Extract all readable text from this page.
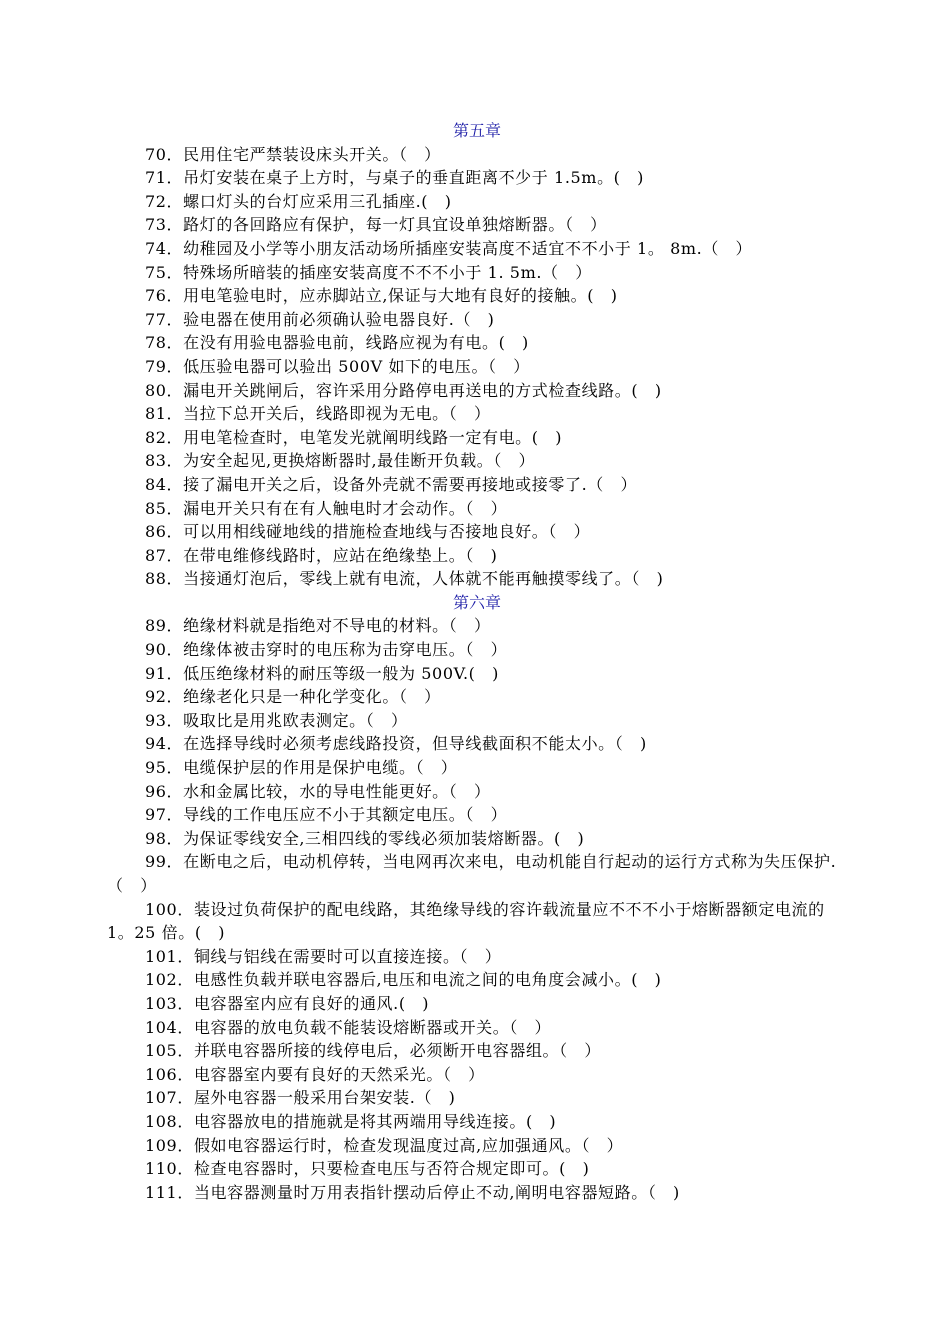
第五章

70．民用住宅严禁装设床头开关。（　）

71．吊灯安装在桌子上方时，与桌子的垂直距离不少于 1.5m。(　)

72．螺口灯头的台灯应采用三孔插座.(　)

73．路灯的各回路应有保护，每一灯具宜设单独熔断器。（　）

74．幼稚园及小学等小朋友活动场所插座安装高度不适宜不不小于 1。 8m.（　）

75．特殊场所暗装的插座安装高度不不不小于 1. 5m.（　）

76．用电笔验电时，应赤脚站立,保证与大地有良好的接触。(　)

77．验电器在使用前必须确认验电器良好.（　)

78．在没有用验电器验电前，线路应视为有电。(　)

79．低压验电器可以验出 500V 如下的电压。（　）

80．漏电开关跳闸后，容许采用分路停电再送电的方式检查线路。(　)

81．当拉下总开关后，线路即视为无电。（　）

82．用电笔检查时，电笔发光就阐明线路一定有电。(　)

83．为安全起见,更换熔断器时,最佳断开负载。（　）

84．接了漏电开关之后，设备外壳就不需要再接地或接零了.（　）

85．漏电开关只有在有人触电时才会动作。（　）

86．可以用相线碰地线的措施检查地线与否接地良好。（　）

87．在带电维修线路时，应站在绝缘垫上。（　)

88．当接通灯泡后，零线上就有电流，人体就不能再触摸零线了。（　)

第六章

89．绝缘材料就是指绝对不导电的材料。（　）

90．绝缘体被击穿时的电压称为击穿电压。（　）

91．低压绝缘材料的耐压等级一般为 500V.(　)

92．绝缘老化只是一种化学变化。（　）

93．吸取比是用兆欧表测定。（　）

94．在选择导线时必须考虑线路投资，但导线截面积不能太小。（　)

95．电缆保护层的作用是保护电缆。（　）

96．水和金属比较，水的导电性能更好。（　）

97．导线的工作电压应不小于其额定电压。（　）

98．为保证零线安全,三相四线的零线必须加装熔断器。(　)

99．在断电之后，电动机停转，当电网再次来电，电动机能自行起动的运行方式称为失压保护.（　）

100．装设过负荷保护的配电线路，其绝缘导线的容许载流量应不不不小于熔断器额定电流的 1。25 倍。(　)

101．铜线与铝线在需要时可以直接连接。（　）

102．电感性负载并联电容器后,电压和电流之间的电角度会减小。(　)

103．电容器室内应有良好的通风.(　)

104．电容器的放电负载不能装设熔断器或开关。（　）

105．并联电容器所接的线停电后，必须断开电容器组。（　）

106．电容器室内要有良好的天然采光。（　）

107．屋外电容器一般采用台架安装.（　)

108．电容器放电的措施就是将其两端用导线连接。(　)

109．假如电容器运行时，检查发现温度过高,应加强通风。（　）

110．检查电容器时，只要检查电压与否符合规定即可。(　)

111．当电容器测量时万用表指针摆动后停止不动,阐明电容器短路。（　)
